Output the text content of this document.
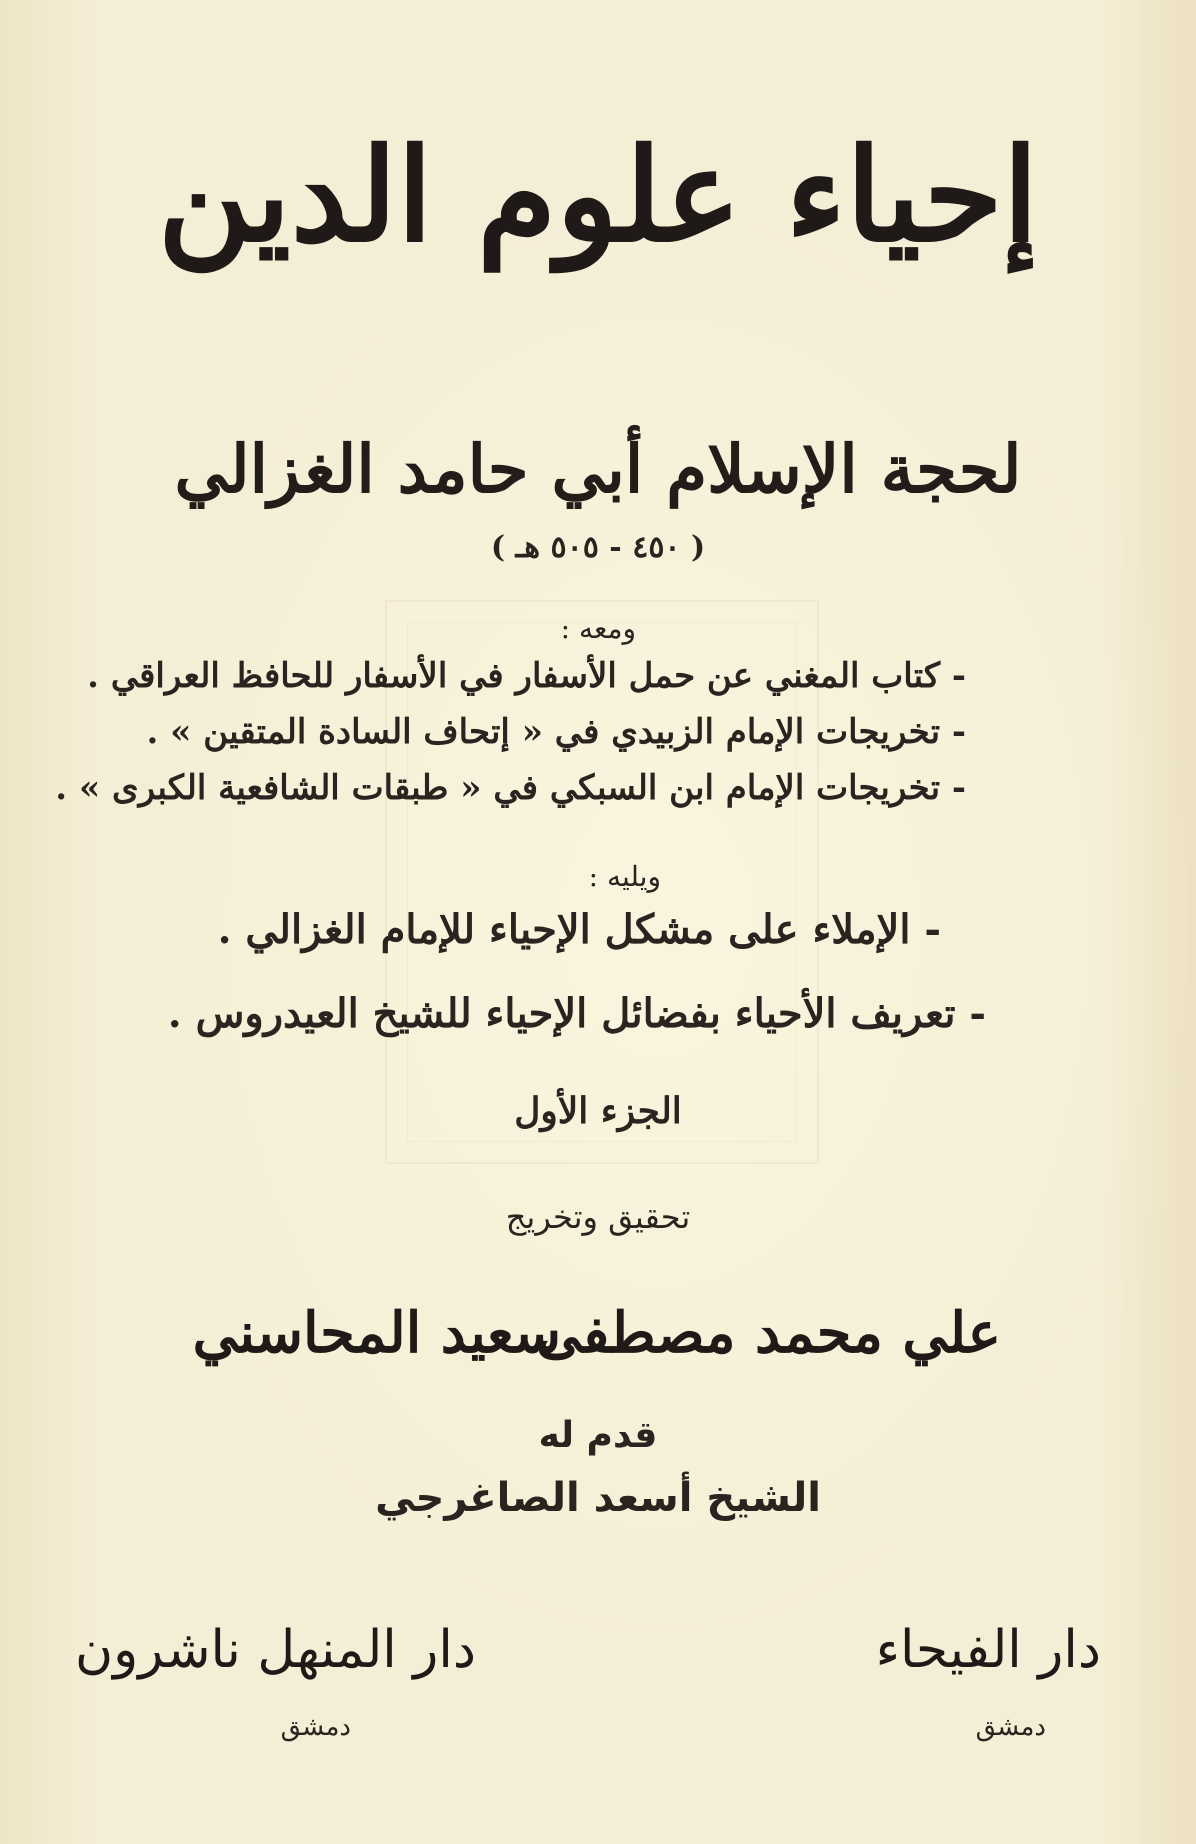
إحياء علوم الدين
لحجة الإسلام أبي حامد الغزالي
( ٤٥٠ - ٥٠٥ هـ )
ومعه :
- كتاب المغني عن حمل الأسفار في الأسفار للحافظ العراقي .
- تخريجات الإمام الزبيدي في « إتحاف السادة المتقين » .
- تخريجات الإمام ابن السبكي في « طبقات الشافعية الكبرى » .
ويليه :
- الإملاء على مشكل الإحياء للإمام الغزالي .
- تعريف الأحياء بفضائل الإحياء للشيخ العيدروس .
الجزء الأول
تحقيق وتخريج
علي محمد مصطفى
سعيد المحاسني
قدم له
الشيخ أسعد الصاغرجي
دار الفيحاء
دمشق
دار المنهل ناشرون
دمشق
